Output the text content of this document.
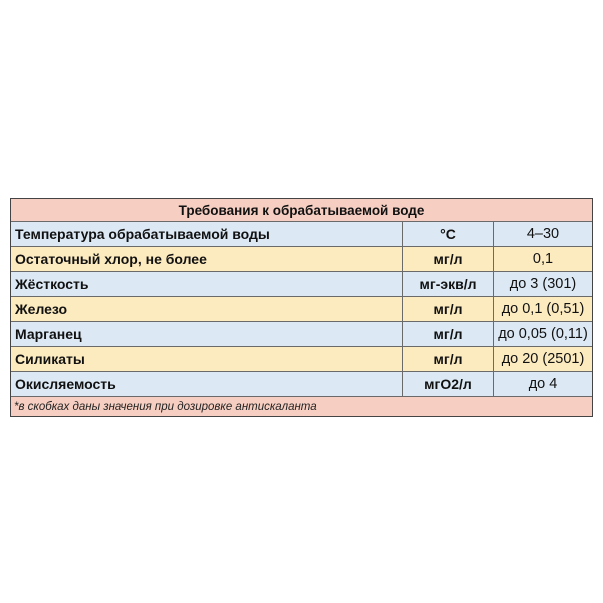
Требования к обрабатываемой воде
Температура обрабатываемой воды	°С	4–30
Остаточный хлор, не более	мг/л	0,1
Жёсткость	мг-экв/л	до 3 (301)
Железо	мг/л	до 0,1 (0,51)
Марганец	мг/л	до 0,05 (0,11)
Силикаты	мг/л	до 20 (2501)
Окисляемость	мгО2/л	до 4
*в скобках даны значения при дозировке антискаланта
